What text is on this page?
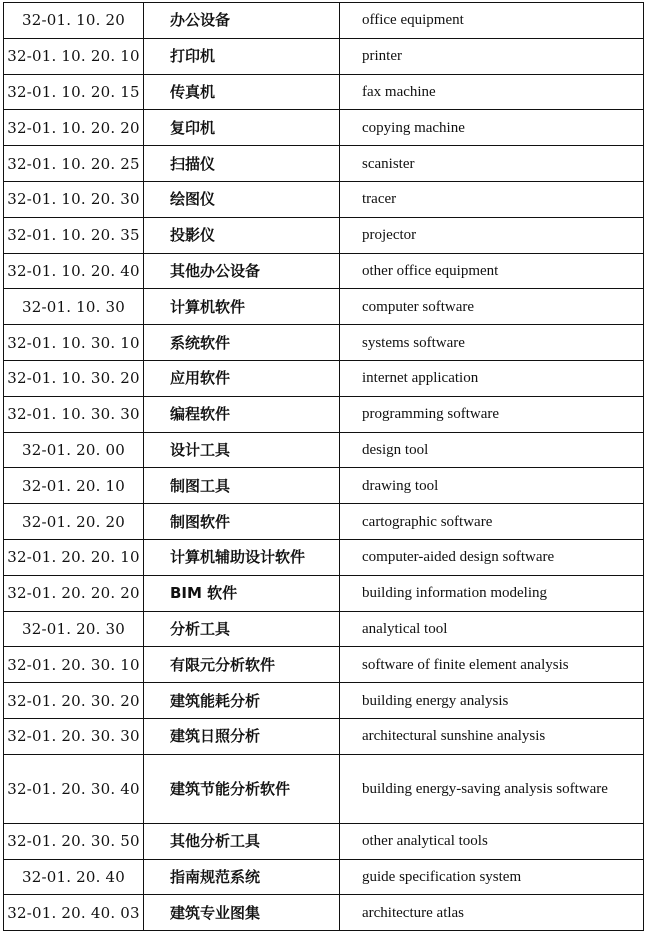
32-01. 10. 20	办公设备	office equipment
32-01. 10. 20. 10	打印机	printer
32-01. 10. 20. 15	传真机	fax machine
32-01. 10. 20. 20	复印机	copying machine
32-01. 10. 20. 25	扫描仪	scanister
32-01. 10. 20. 30	绘图仪	tracer
32-01. 10. 20. 35	投影仪	projector
32-01. 10. 20. 40	其他办公设备	other office equipment
32-01. 10. 30	计算机软件	computer software
32-01. 10. 30. 10	系统软件	systems software
32-01. 10. 30. 20	应用软件	internet application
32-01. 10. 30. 30	编程软件	programming software
32-01. 20. 00	设计工具	design tool
32-01. 20. 10	制图工具	drawing tool
32-01. 20. 20	制图软件	cartographic software
32-01. 20. 20. 10	计算机辅助设计软件	computer-aided design software
32-01. 20. 20. 20	BIM 软件	building information modeling
32-01. 20. 30	分析工具	analytical tool
32-01. 20. 30. 10	有限元分析软件	software of finite element analysis
32-01. 20. 30. 20	建筑能耗分析	building energy analysis
32-01. 20. 30. 30	建筑日照分析	architectural sunshine analysis
32-01. 20. 30. 40	建筑节能分析软件	building energy-saving analysis software
32-01. 20. 30. 50	其他分析工具	other analytical tools
32-01. 20. 40	指南规范系统	guide specification system
32-01. 20. 40. 03	建筑专业图集	architecture atlas
